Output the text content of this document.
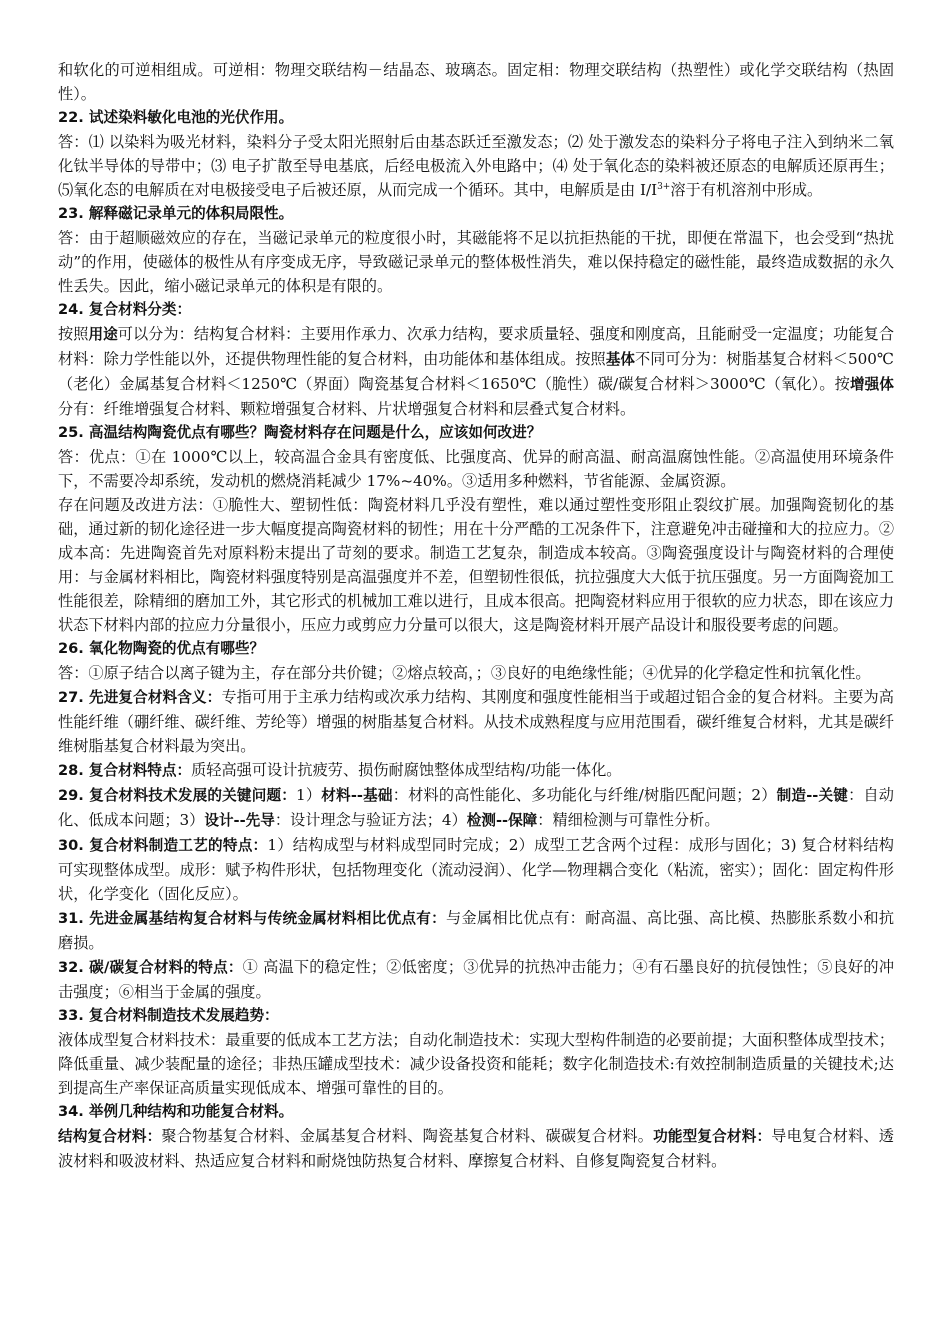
和软化的可逆相组成。可逆相：物理交联结构－结晶态、玻璃态。固定相：物理交联结构（热塑性）或化学交联结构（热固性）。

22. 试述染料敏化电池的光伏作用。

答：⑴ 以染料为吸光材料，染料分子受太阳光照射后由基态跃迁至激发态；⑵ 处于激发态的染料分子将电子注入到纳米二氧化钛半导体的导带中；⑶ 电子扩散至导电基底，后经电极流入外电路中；⑷ 处于氧化态的染料被还原态的电解质还原再生；⑸氧化态的电解质在对电极接受电子后被还原，从而完成一个循环。其中，电解质是由 $I/I^{3+}$溶于有机溶剂中形成。

23. 解释磁记录单元的体积局限性。

答：由于超顺磁效应的存在，当磁记录单元的粒度很小时，其磁能将不足以抗拒热能的干扰，即便在常温下，也会受到“热扰动”的作用，使磁体的极性从有序变成无序，导致磁记录单元的整体极性消失，难以保持稳定的磁性能，最终造成数据的永久性丢失。因此，缩小磁记录单元的体积是有限的。

24. 复合材料分类：

按照用途可以分为：结构复合材料：主要用作承力、次承力结构，要求质量轻、强度和刚度高，且能耐受一定温度；功能复合材料：除力学性能以外，还提供物理性能的复合材料，由功能体和基体组成。按照基体不同可分为：树脂基复合材料＜500℃（老化）金属基复合材料＜1250℃（界面）陶瓷基复合材料＜1650℃（脆性）碳/碳复合材料＞3000℃（氧化）。按增强体分有：纤维增强复合材料、颗粒增强复合材料、片状增强复合材料和层叠式复合材料。

25. 高温结构陶瓷优点有哪些？陶瓷材料存在问题是什么，应该如何改进？

答：优点：①在 1000℃以上，较高温合金具有密度低、比强度高、优异的耐高温、耐高温腐蚀性能。②高温使用环境条件下，不需要冷却系统，发动机的燃烧消耗减少 17%~40%。③适用多种燃料，节省能源、金属资源。

存在问题及改进方法：①脆性大、塑韧性低：陶瓷材料几乎没有塑性，难以通过塑性变形阻止裂纹扩展。加强陶瓷韧化的基础，通过新的韧化途径进一步大幅度提高陶瓷材料的韧性；用在十分严酷的工况条件下，注意避免冲击碰撞和大的拉应力。②成本高：先进陶瓷首先对原料粉末提出了苛刻的要求。制造工艺复杂，制造成本较高。③陶瓷强度设计与陶瓷材料的合理使用：与金属材料相比，陶瓷材料强度特别是高温强度并不差，但塑韧性很低，抗拉强度大大低于抗压强度。另一方面陶瓷加工性能很差，除精细的磨加工外，其它形式的机械加工难以进行，且成本很高。把陶瓷材料应用于很软的应力状态，即在该应力状态下材料内部的拉应力分量很小，压应力或剪应力分量可以很大，这是陶瓷材料开展产品设计和服役要考虑的问题。

26. 氧化物陶瓷的优点有哪些？

答：①原子结合以离子键为主，存在部分共价键；②熔点较高，；③良好的电绝缘性能；④优异的化学稳定性和抗氧化性。

27. 先进复合材料含义：专指可用于主承力结构或次承力结构、其刚度和强度性能相当于或超过铝合金的复合材料。主要为高性能纤维（硼纤维、碳纤维、芳纶等）增强的树脂基复合材料。从技术成熟程度与应用范围看，碳纤维复合材料，尤其是碳纤维树脂基复合材料最为突出。

28. 复合材料特点：质轻高强可设计抗疲劳、损伤耐腐蚀整体成型结构/功能一体化。

29. 复合材料技术发展的关键问题：1）材料--基础：材料的高性能化、多功能化与纤维/树脂匹配问题；2）制造--关键：自动化、低成本问题；3）设计--先导：设计理念与验证方法；4）检测--保障：精细检测与可靠性分析。

30. 复合材料制造工艺的特点：1）结构成型与材料成型同时完成；2）成型工艺含两个过程：成形与固化；3) 复合材料结构可实现整体成型。成形：赋予构件形状，包括物理变化（流动浸润）、化学—物理耦合变化（粘流，密实）；固化：固定构件形状，化学变化（固化反应）。

31. 先进金属基结构复合材料与传统金属材料相比优点有：与金属相比优点有：耐高温、高比强、高比模、热膨胀系数小和抗磨损。

32. 碳/碳复合材料的特点：① 高温下的稳定性；②低密度；③优异的抗热冲击能力；④有石墨良好的抗侵蚀性；⑤良好的冲击强度；⑥相当于金属的强度。

33. 复合材料制造技术发展趋势：

液体成型复合材料技术：最重要的低成本工艺方法；自动化制造技术：实现大型构件制造的必要前提；大面积整体成型技术；降低重量、减少装配量的途径；非热压罐成型技术：减少设备投资和能耗；数字化制造技术:有效控制制造质量的关键技术;达到提高生产率保证高质量实现低成本、增强可靠性的目的。

34. 举例几种结构和功能复合材料。

结构复合材料：聚合物基复合材料、金属基复合材料、陶瓷基复合材料、碳碳复合材料。功能型复合材料：导电复合材料、透波材料和吸波材料、热适应复合材料和耐烧蚀防热复合材料、摩擦复合材料、自修复陶瓷复合材料。
